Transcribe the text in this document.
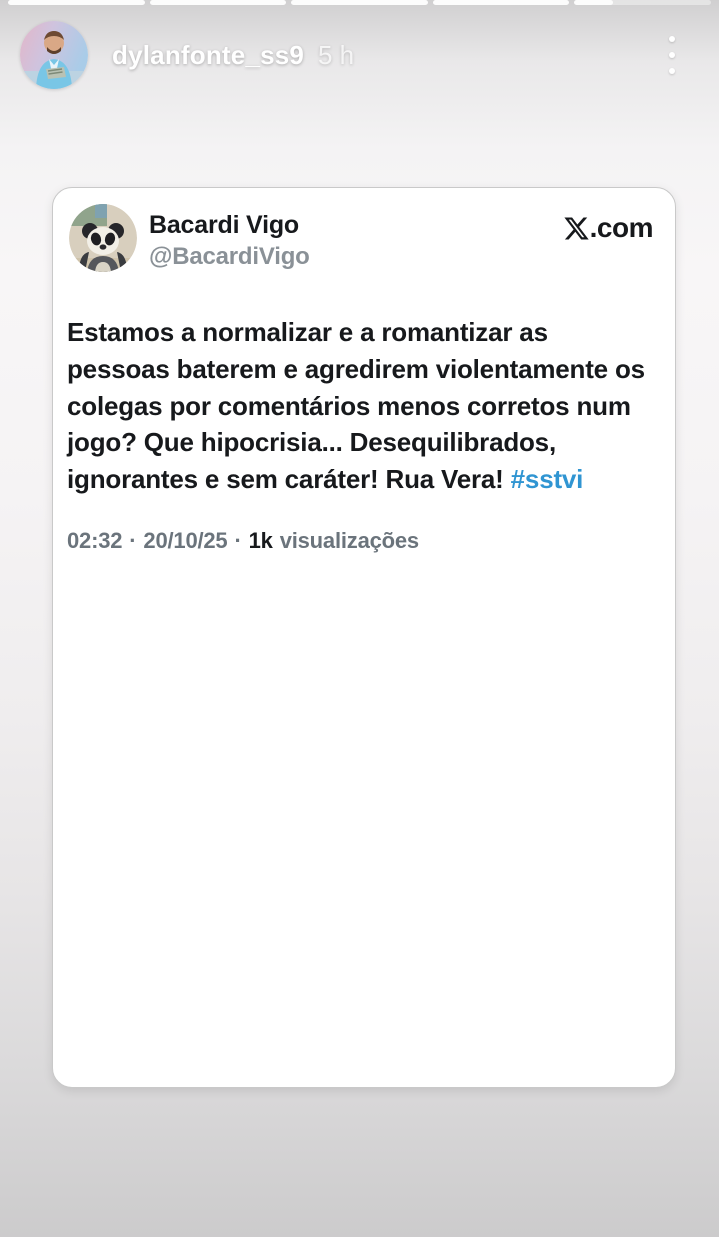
dylanfonte_ss9 5 h
Bacardi Vigo
@BacardiVigo
.com
Estamos a normalizar e a romantizar as
pessoas baterem e agredirem violentamente os
colegas por comentários menos corretos num
jogo? Que hipocrisia... Desequilibrados,
ignorantes e sem caráter! Rua Vera! #sstvi
02:32 · 20/10/25 · 1k visualizações
